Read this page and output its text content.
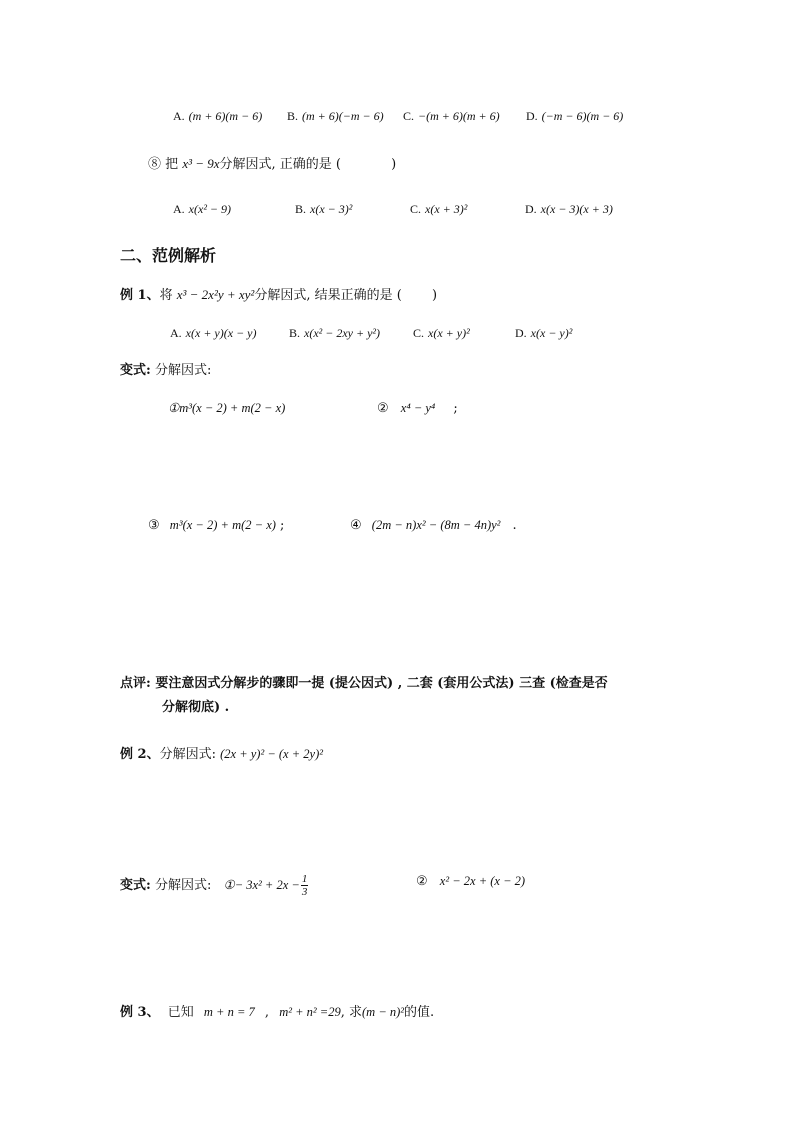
A. (m + 6)(m − 6) B. (m + 6)(−m − 6) C. −(m + 6)(m + 6) D. (−m − 6)(m − 6)
⑧ 把 x³ − 9x分解因式, 正确的是 (	)
A. x(x² − 9)	B. x(x − 3)²	C. x(x + 3)²	D. x(x − 3)(x + 3)
二、范例解析
例 1、将 x³ − 2x²y + xy²分解因式, 结果正确的是 ( )
A. x(x + y)(x − y)	B. x(x² − 2xy + y²)	C. x(x + y)²	D. x(x − y)²
变式: 分解因式:
①m³(x − 2) + m(2 − x)	② x⁴ − y⁴ ;
③ m³(x − 2) + m(2 − x) ;	④ (2m − n)x² − (8m − 4n)y² .
点评: 要注意因式分解步的骤即一提 (提公因式) , 二套 (套用公式法) 三查 (检查是否
分解彻底) .
例 2、分解因式: (2x + y)² − (x + 2y)²
变式: 分解因式: ①− $3x^2 + 2x - \frac{1}{3}$	② x² − 2x + (x − 2)
例 3、 已知 m + n = 7 , m² + n² =29, 求(m − n)²的值.
